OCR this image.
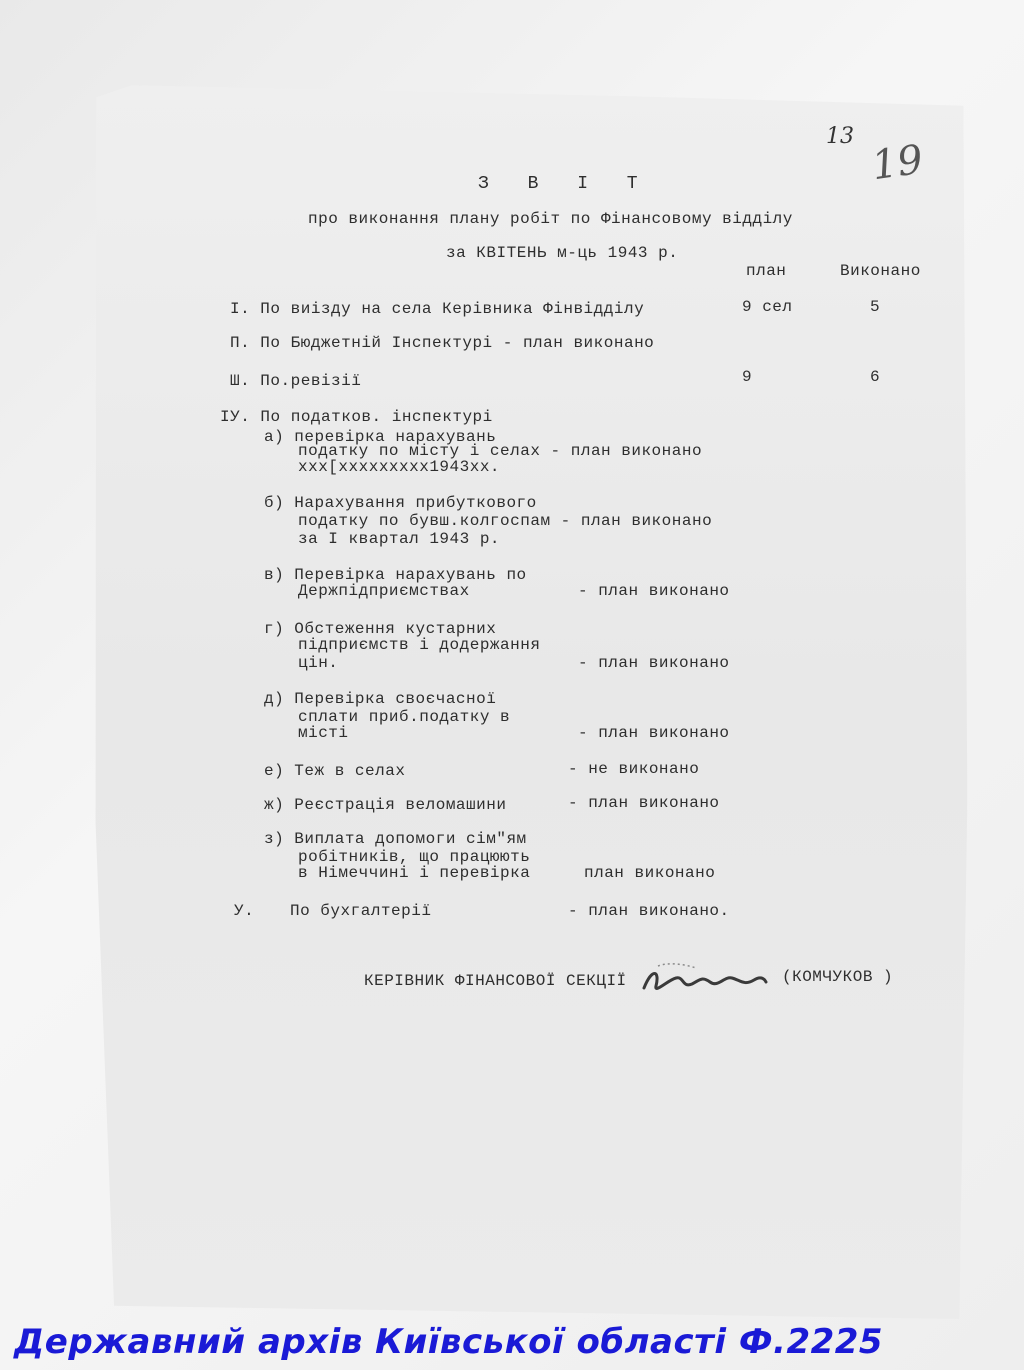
13
19
З В І Т
про виконання плану робіт по Фінансовому відділу
за КВІТЕНЬ м-ць 1943 р.
план	Виконано
І. По виізду на села Керівника Фінвідділу	9 сел	5
П. По Бюджетній Інспектурі - план виконано
Ш. По.ревізії	9	6
ІУ. По податков. інспектурі
а) перевірка нарахувань
податку по місту і селах - план виконано
ххх[ххххххххх1943хх.
б) Нарахування прибуткового
податку по бувш.колгоспам - план виконано
за І квартал 1943 р.
в) Перевірка нарахувань по
Держпідприємствах	- план виконано
г) Обстеження кустарних
підприємств і додержання
цін.	- план виконано
д) Перевірка своєчасної
сплати приб.податку в
місті	- план виконано
е) Теж в селах	- не виконано
ж) Реєстрація веломашини	- план виконано
з) Виплата допомоги сім"ям
робітників, що працюють
в Німеччині і перевірка	план виконано
У. По бухгалтерії	- план виконано.
КЕРІВНИК ФІНАНСОВОЇ СЕКЦІЇ	(КОМЧУКОВ )
Державний архів Київської області Ф.2225
